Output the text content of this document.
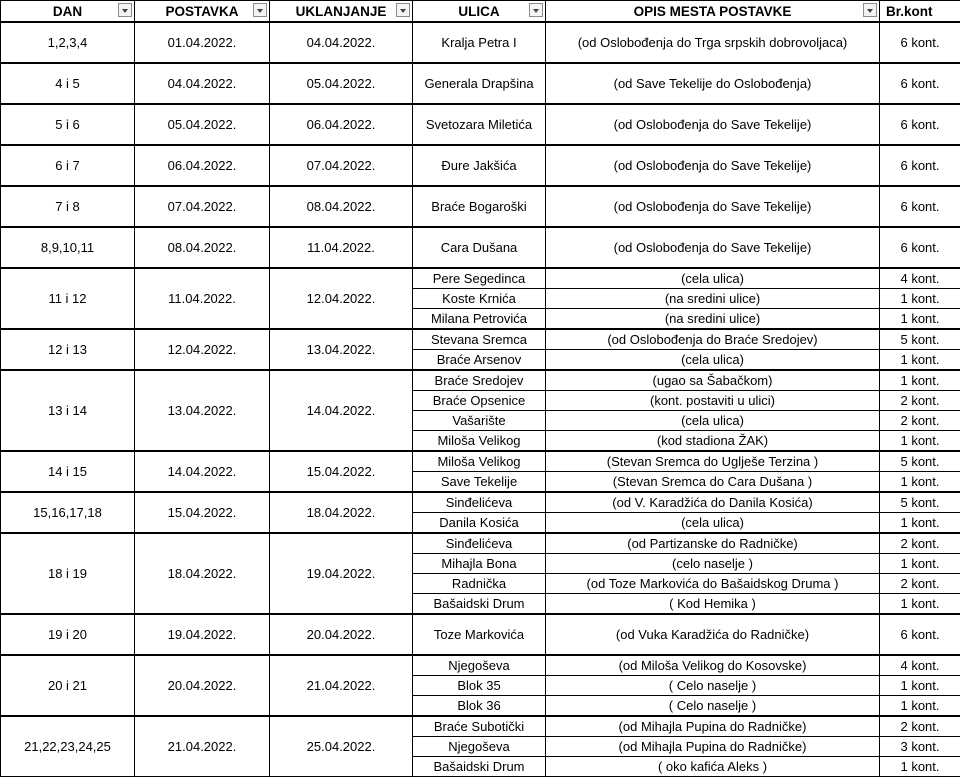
DAN	POSTAVKA	UKLANJANJE	ULICA	OPIS MESTA POSTAVKE	Br.kont
1,2,3,4	01.04.2022.	04.04.2022.	Kralja Petra I	(od Oslobođenja do Trga srpskih dobrovoljaca)	6 kont.
4 i 5	04.04.2022.	05.04.2022.	Generala Drapšina	(od Save Tekelije do Oslobođenja)	6 kont.
5 i 6	05.04.2022.	06.04.2022.	Svetozara Miletića	(od Oslobođenja do Save Tekelije)	6 kont.
6 i 7	06.04.2022.	07.04.2022.	Đure Jakšića	(od Oslobođenja do Save Tekelije)	6 kont.
7 i 8	07.04.2022.	08.04.2022.	Braće Bogaroški	(od Oslobođenja do Save Tekelije)	6 kont.
8,9,10,11	08.04.2022.	11.04.2022.	Cara Dušana	(od Oslobođenja do Save Tekelije)	6 kont.
11 i 12	11.04.2022.	12.04.2022.	Pere Segedinca	(cela ulica)	4 kont.
			Koste Krnića	(na sredini ulice)	1 kont.
			Milana Petrovića	(na sredini ulice)	1 kont.
12 i 13	12.04.2022.	13.04.2022.	Stevana Sremca	(od Oslobođenja do Braće Sredojev)	5 kont.
			Braće Arsenov	(cela ulica)	1 kont.
13 i 14	13.04.2022.	14.04.2022.	Braće Sredojev	(ugao sa Šabačkom)	1 kont.
			Braće Opsenice	(kont. postaviti u ulici)	2 kont.
			Vašarište	(cela ulica)	2 kont.
			Miloša Velikog	(kod stadiona ŽAK)	1 kont.
14 i 15	14.04.2022.	15.04.2022.	Miloša Velikog	(Stevan Sremca do Uglješe Terzina )	5 kont.
			Save Tekelije	(Stevan Sremca do Cara Dušana )	1 kont.
15,16,17,18	15.04.2022.	18.04.2022.	Sinđelićeva	(od V. Karadžića do Danila Kosića)	5 kont.
			Danila Kosića	(cela ulica)	1 kont.
18 i 19	18.04.2022.	19.04.2022.	Sinđelićeva	(od Partizanske do Radničke)	2 kont.
			Mihajla Bona	(celo naselje )	1 kont.
			Radnička	(od Toze Markovića do Bašaidskog Druma )	2 kont.
			Bašaidski Drum	( Kod Hemika )	1 kont.
19 i 20	19.04.2022.	20.04.2022.	Toze Markovića	(od Vuka Karadžića do Radničke)	6 kont.
20 i 21	20.04.2022.	21.04.2022.	Njegoševa	(od Miloša Velikog do Kosovske)	4 kont.
			Blok 35	( Celo naselje )	1 kont.
			Blok 36	( Celo naselje )	1 kont.
21,22,23,24,25	21.04.2022.	25.04.2022.	Braće Subotički	(od Mihajla Pupina do Radničke)	2 kont.
			Njegoševa	(od Mihajla Pupina do Radničke)	3 kont.
			Bašaidski Drum	( oko kafića Aleks )	1 kont.
